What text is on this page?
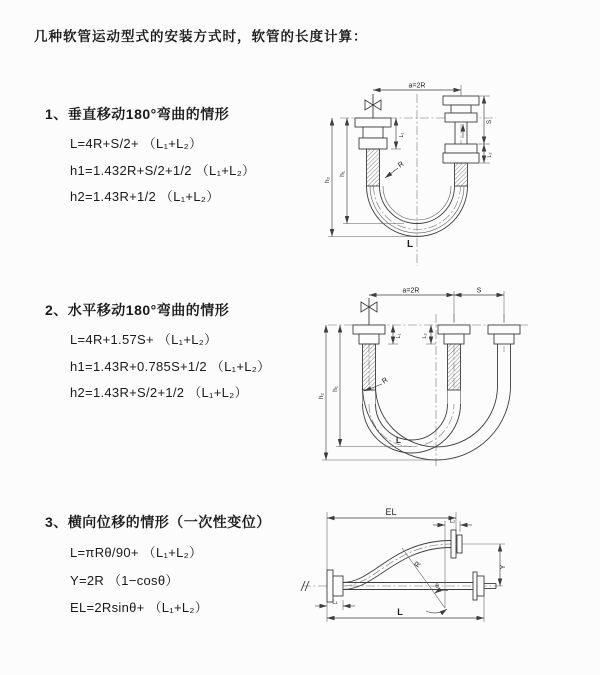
几种软管运动型式的安装方式时，软管的长度计算：
1、垂直移动180°弯曲的情形
L=4R+S/2+ （L₁+L₂）
h1=1.432R+S/2+1/2 （L₁+L₂）
h2=1.43R+1/2 （L₁+L₂）
a=2R
h₂
h₁
L₁
S
L₂
R
L
2、水平移动180°弯曲的情形
L=4R+1.57S+ （L₁+L₂）
h1=1.43R+0.785S+1/2 （L₁+L₂）
h2=1.43R+S/2+1/2 （L₁+L₂）
a=2R	S
h₂
h₁
L₁	L₂
R
L
3、横向位移的情形（一次性变位）
L=πRθ/90+ （L₁+L₂）
Y=2R （1−cosθ）
EL=2Rsinθ+ （L₁+L₂）
EL
L₂
θ
R	Y
L₁
L
